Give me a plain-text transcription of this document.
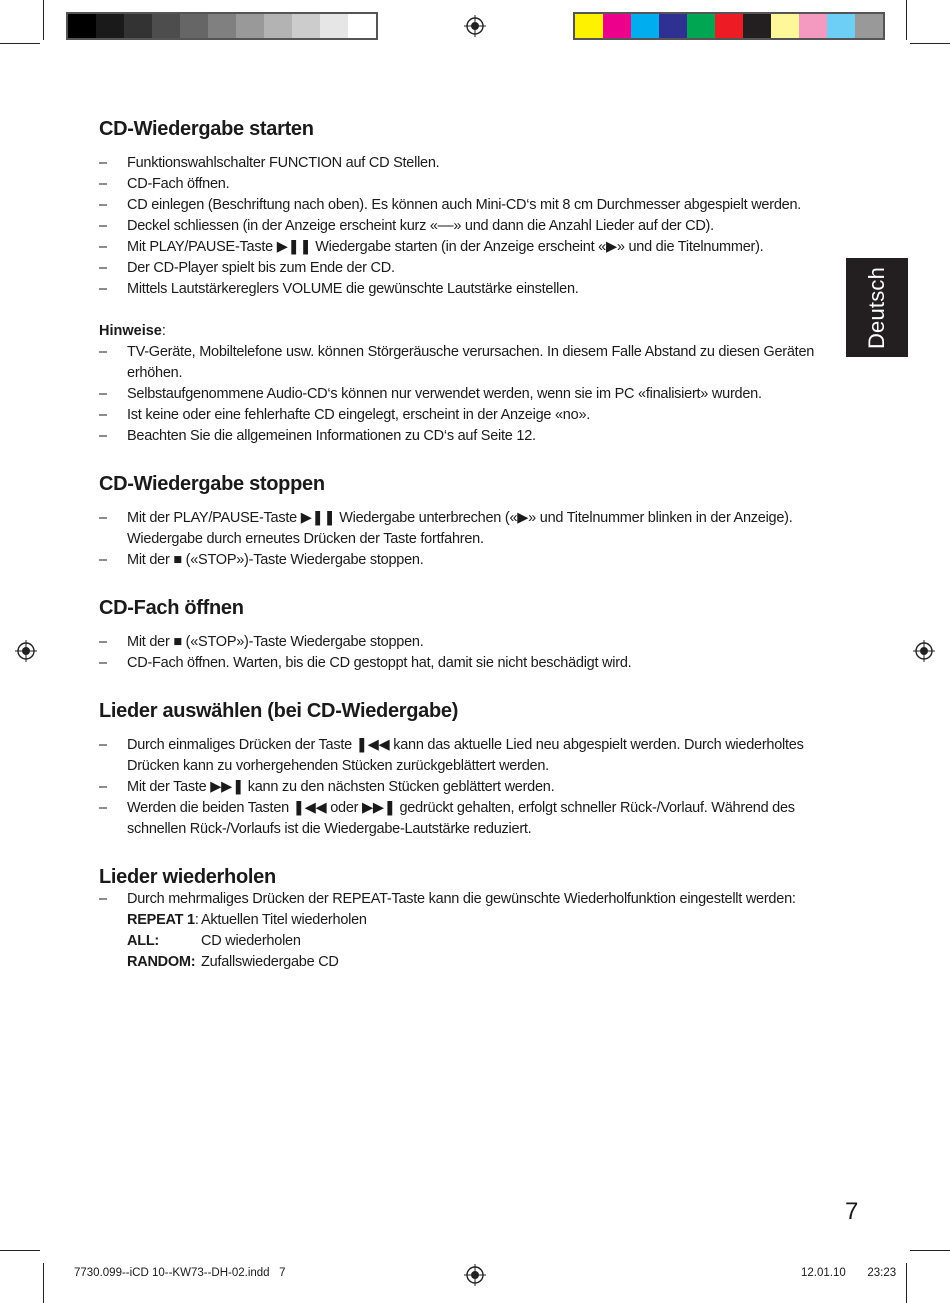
Deutsch
CD-Wiedergabe starten
– Funktionswahlschalter FUNCTION auf CD Stellen.
– CD-Fach öffnen.
– CD einlegen (Beschriftung nach oben). Es können auch Mini-CD‘s mit 8 cm Durchmesser abgespielt werden.
– Deckel schliessen (in der Anzeige erscheint kurz «––» und dann die Anzahl Lieder auf der CD).
– Mit PLAY/PAUSE-Taste ▶❚❚ Wiedergabe starten (in der Anzeige erscheint «▶» und die Titelnummer).
– Der CD-Player spielt bis zum Ende der CD.
– Mittels Lautstärkereglers VOLUME die gewünschte Lautstärke einstellen.

Hinweise:

– TV-Geräte, Mobiltelefone usw. können Störgeräusche verursachen. In diesem Falle Abstand zu diesen Geräten erhöhen.
– Selbstaufgenommene Audio-CD‘s können nur verwendet werden, wenn sie im PC «finalisiert» wurden.
– Ist keine oder eine fehlerhafte CD eingelegt, erscheint in der Anzeige «no».
– Beachten Sie die allgemeinen Informationen zu CD‘s auf Seite 12.
CD-Wiedergabe stoppen
– Mit der PLAY/PAUSE-Taste ▶❚❚ Wiedergabe unterbrechen («▶» und Titelnummer blinken in der Anzeige). Wiedergabe durch erneutes Drücken der Taste fortfahren.
– Mit der ■ («STOP»)-Taste Wiedergabe stoppen.
CD-Fach öffnen
– Mit der ■ («STOP»)-Taste Wiedergabe stoppen.
– CD-Fach öffnen. Warten, bis die CD gestoppt hat, damit sie nicht beschädigt wird.
Lieder auswählen (bei CD-Wiedergabe)
– Durch einmaliges Drücken der Taste ❚◀◀ kann das aktuelle Lied neu abgespielt werden. Durch wiederholtes Drücken kann zu vorhergehenden Stücken zurückgeblättert werden.
– Mit der Taste ▶▶❚ kann zu den nächsten Stücken geblättert werden.
– Werden die beiden Tasten ❚◀◀ oder ▶▶❚ gedrückt gehalten, erfolgt schneller Rück-/Vorlauf. Während des schnellen Rück-/Vorlaufs ist die Wiedergabe-Lautstärke reduziert.
Lieder wiederholen
– Durch mehrmaliges Drücken der REPEAT-Taste kann die gewünschte Wiederholfunktion eingestellt werden:
REPEAT 1: Aktuellen Titel wiederholen
ALL:	CD wiederholen
RANDOM: Zufallswiedergabe CD
7
7730.099--iCD 10--KW73--DH-02.indd   7	12.01.10   23:23
